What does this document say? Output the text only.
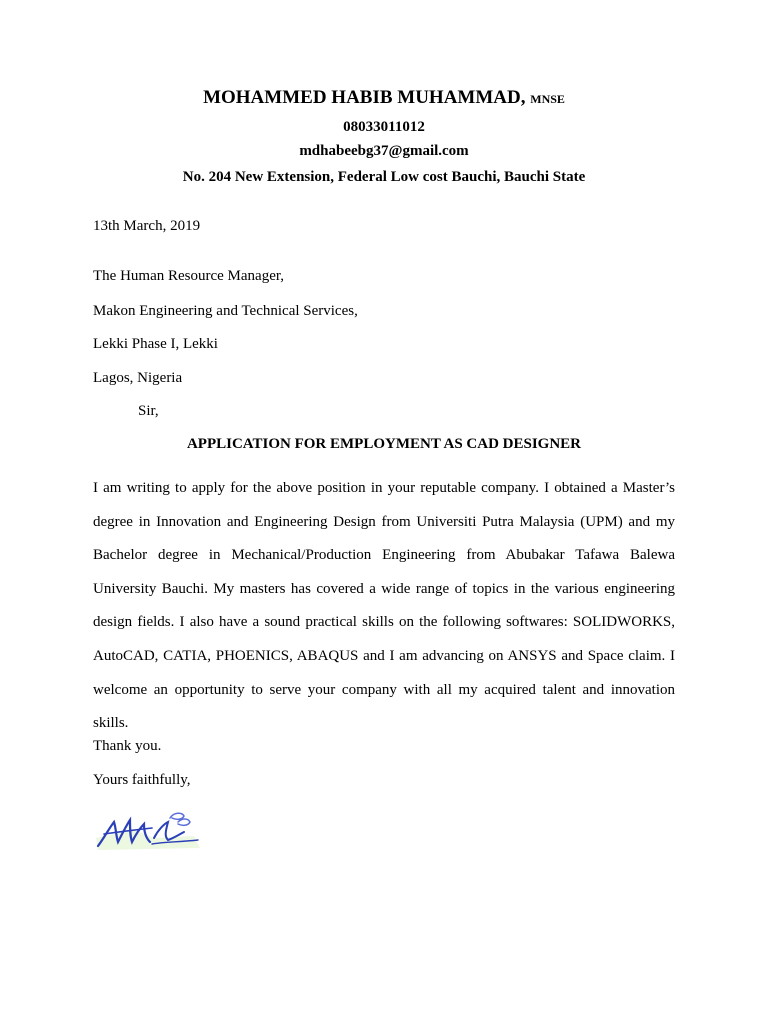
MOHAMMED HABIB MUHAMMAD, MNSE
08033011012
mdhabeebg37@gmail.com
No. 204 New Extension, Federal Low cost Bauchi, Bauchi State
13th March, 2019
The Human Resource Manager,
Makon Engineering and Technical Services,
Lekki Phase I, Lekki
Lagos, Nigeria
Sir,
APPLICATION FOR EMPLOYMENT AS CAD DESIGNER
I am writing to apply for the above position in your reputable company. I obtained a Master’s degree in Innovation and Engineering Design from Universiti Putra Malaysia (UPM) and my Bachelor degree in Mechanical/Production Engineering from Abubakar Tafawa Balewa University Bauchi. My masters has covered a wide range of topics in the various engineering design fields. I also have a sound practical skills on the following softwares: SOLIDWORKS, AutoCAD, CATIA, PHOENICS, ABAQUS and I am advancing on ANSYS and Space claim. I welcome an opportunity to serve your company with all my acquired talent and innovation skills.
Thank you.
Yours faithfully,
